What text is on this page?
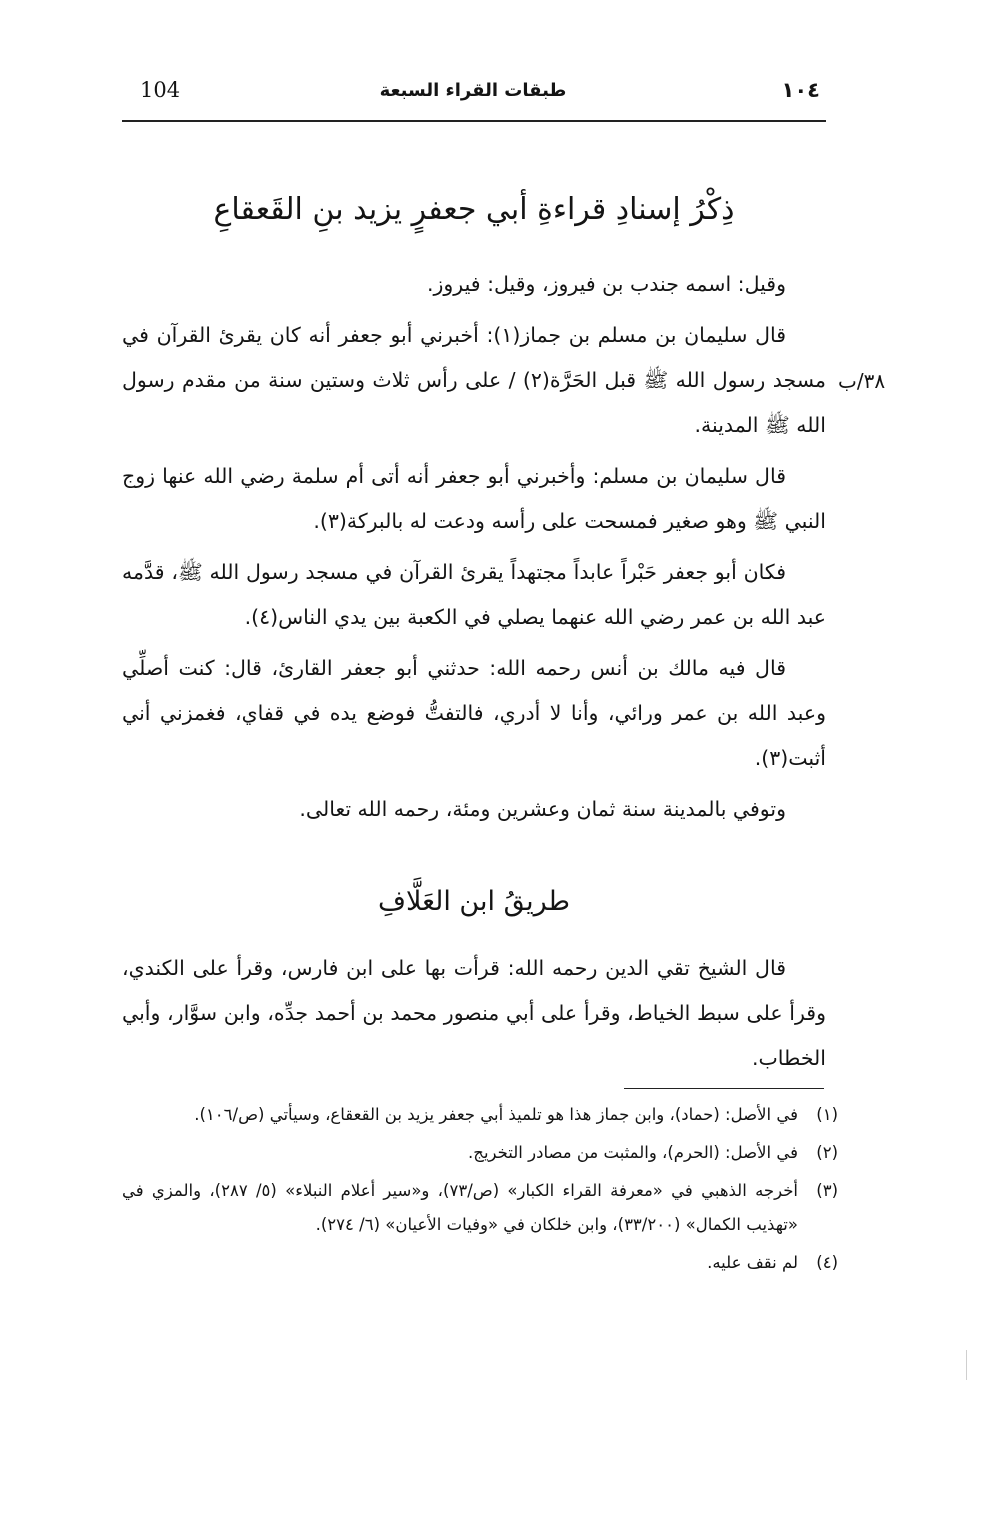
104	طبقات القراء السبعة	١٠٤
ذِكْرُ إسنادِ قراءةِ أبي جعفرٍ يزيد بنِ القَعقاعِ

وقيل: اسمه جندب بن فيروز، وقيل: فيروز.

قال سليمان بن مسلم بن جماز(١): أخبرني أبو جعفر أنه كان يقرئ القرآن في مسجد رسول الله ﷺ قبل الحَرَّة(٢) / على رأس ثلاث وستين سنة من مقدم رسول الله ﷺ المدينة.

قال سليمان بن مسلم: وأخبرني أبو جعفر أنه أتى أم سلمة رضي الله عنها زوج النبي ﷺ وهو صغير فمسحت على رأسه ودعت له بالبركة(٣).

فكان أبو جعفر حَبْراً عابداً مجتهداً يقرئ القرآن في مسجد رسول الله ﷺ، قدَّمه عبد الله بن عمر رضي الله عنهما يصلي في الكعبة بين يدي الناس(٤).

قال فيه مالك بن أنس رحمه الله: حدثني أبو جعفر القارئ، قال: كنت أصلِّي وعبد الله بن عمر ورائي، وأنا لا أدري، فالتفتُّ فوضع يده في قفاي، فغمزني أني أثبت(٣).

وتوفي بالمدينة سنة ثمان وعشرين ومئة، رحمه الله تعالى.

٣٨/ب
طريقُ ابن العَلَّافِ

قال الشيخ تقي الدين رحمه الله: قرأت بها على ابن فارس، وقرأ على الكندي، وقرأ على سبط الخياط، وقرأ على أبي منصور محمد بن أحمد جدِّه، وابن سوَّار، وأبي الخطاب.

(١)
في الأصل: (حماد)، وابن جماز هذا هو تلميذ أبي جعفر يزيد بن القعقاع، وسيأتي (ص/١٠٦).
(٢)
في الأصل: (الحرم)، والمثبت من مصادر التخريج.
(٣)
أخرجه الذهبي في «معرفة القراء الكبار» (ص/٧٣)، و«سير أعلام النبلاء» (٥/ ٢٨٧)، والمزي في «تهذيب الكمال» (٣٣/٢٠٠)، وابن خلكان في «وفيات الأعيان» (٦/ ٢٧٤).
(٤)
لم نقف عليه.
